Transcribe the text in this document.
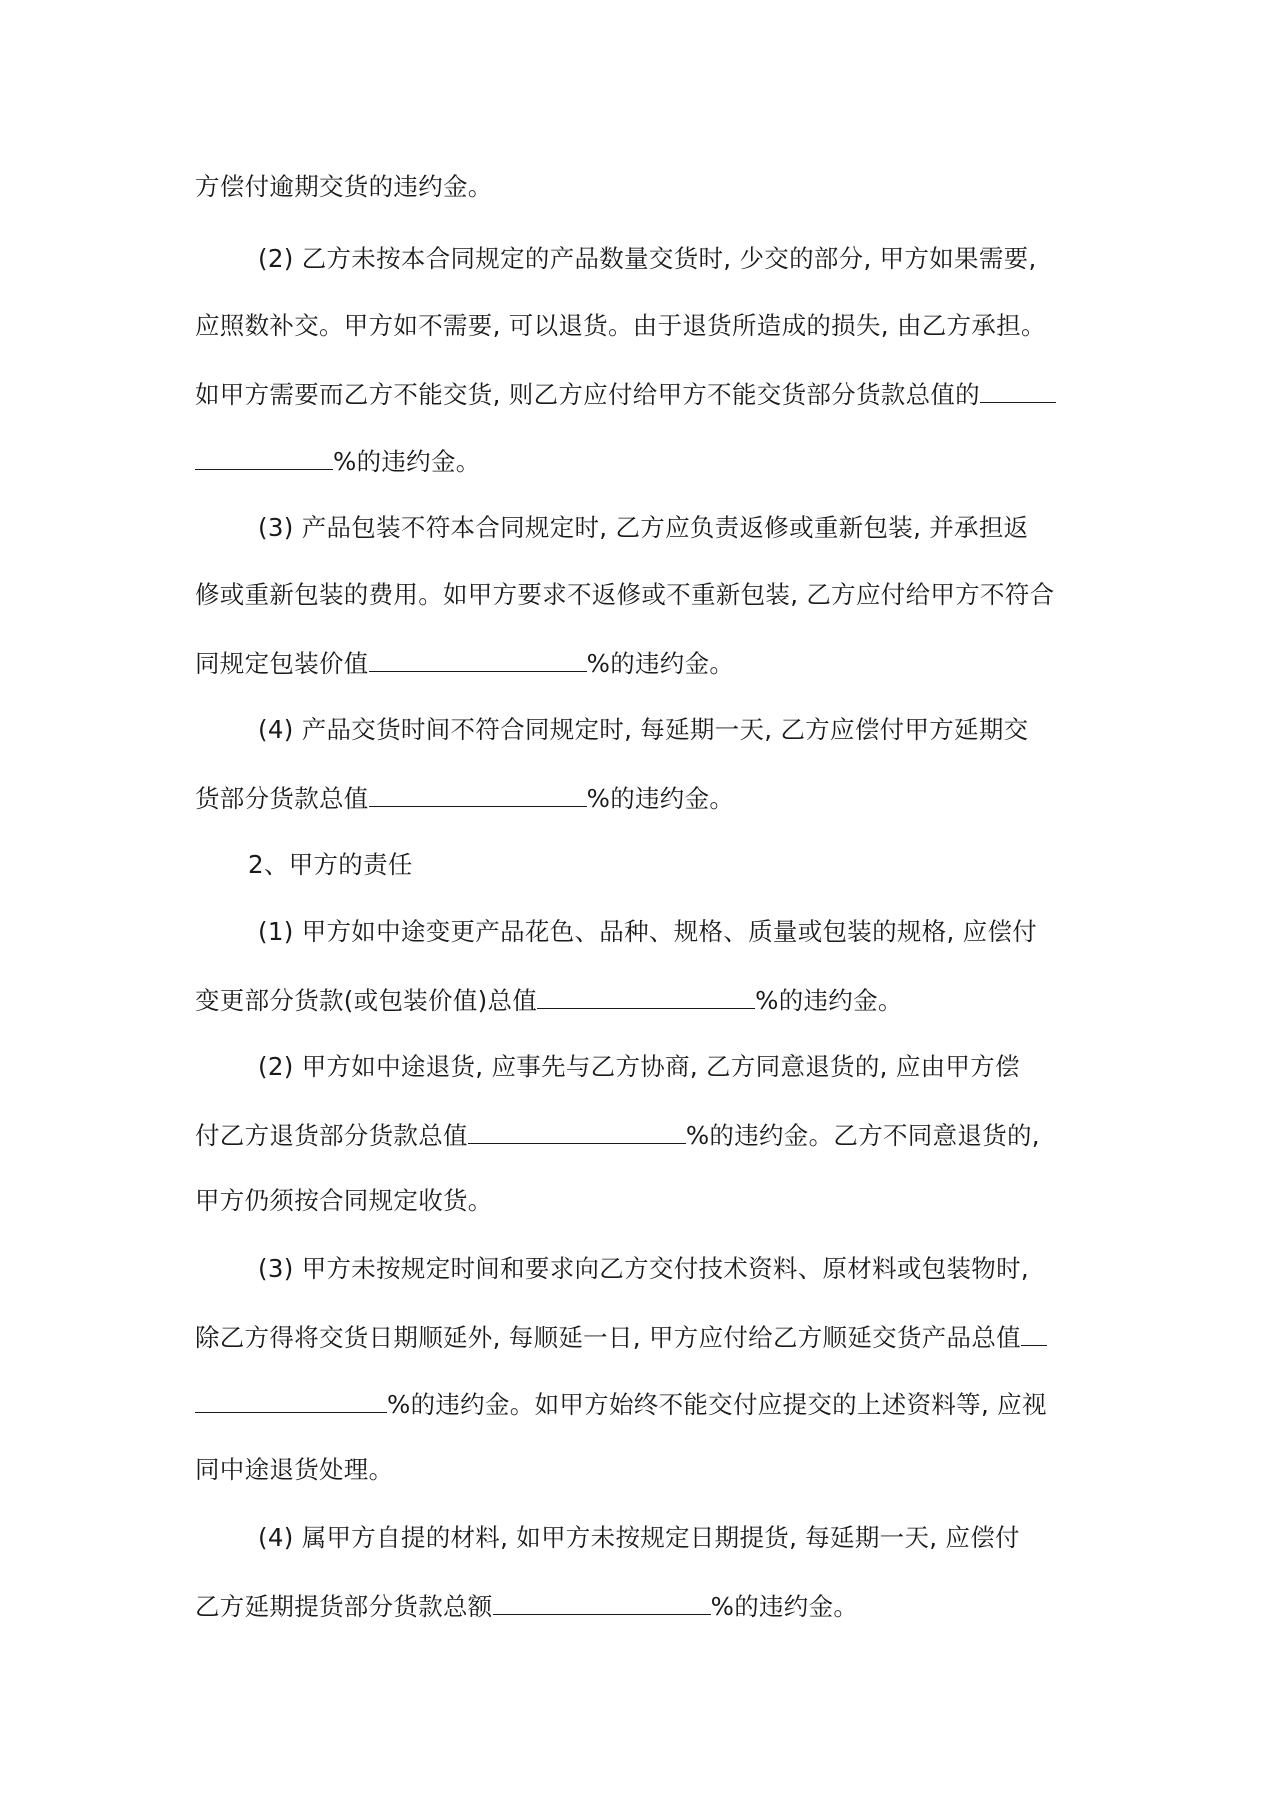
方偿付逾期交货的违约金。
(2) 乙方未按本合同规定的产品数量交货时, 少交的部分, 甲方如果需要,
应照数补交。甲方如不需要, 可以退货。由于退货所造成的损失, 由乙方承担。
如甲方需要而乙方不能交货, 则乙方应付给甲方不能交货部分货款总值的
%的违约金。
(3) 产品包装不符本合同规定时, 乙方应负责返修或重新包装, 并承担返
修或重新包装的费用。如甲方要求不返修或不重新包装, 乙方应付给甲方不符合
同规定包装价值	%的违约金。
(4) 产品交货时间不符合同规定时, 每延期一天, 乙方应偿付甲方延期交
货部分货款总值	%的违约金。
2、甲方的责任
(1) 甲方如中途变更产品花色、品种、规格、质量或包装的规格, 应偿付
变更部分货款(或包装价值)总值	%的违约金。
(2) 甲方如中途退货, 应事先与乙方协商, 乙方同意退货的, 应由甲方偿
付乙方退货部分货款总值	%的违约金。乙方不同意退货的,
甲方仍须按合同规定收货。
(3) 甲方未按规定时间和要求向乙方交付技术资料、原材料或包装物时,
除乙方得将交货日期顺延外, 每顺延一日, 甲方应付给乙方顺延交货产品总值
%的违约金。如甲方始终不能交付应提交的上述资料等, 应视
同中途退货处理。
(4) 属甲方自提的材料, 如甲方未按规定日期提货, 每延期一天, 应偿付
乙方延期提货部分货款总额	%的违约金。
